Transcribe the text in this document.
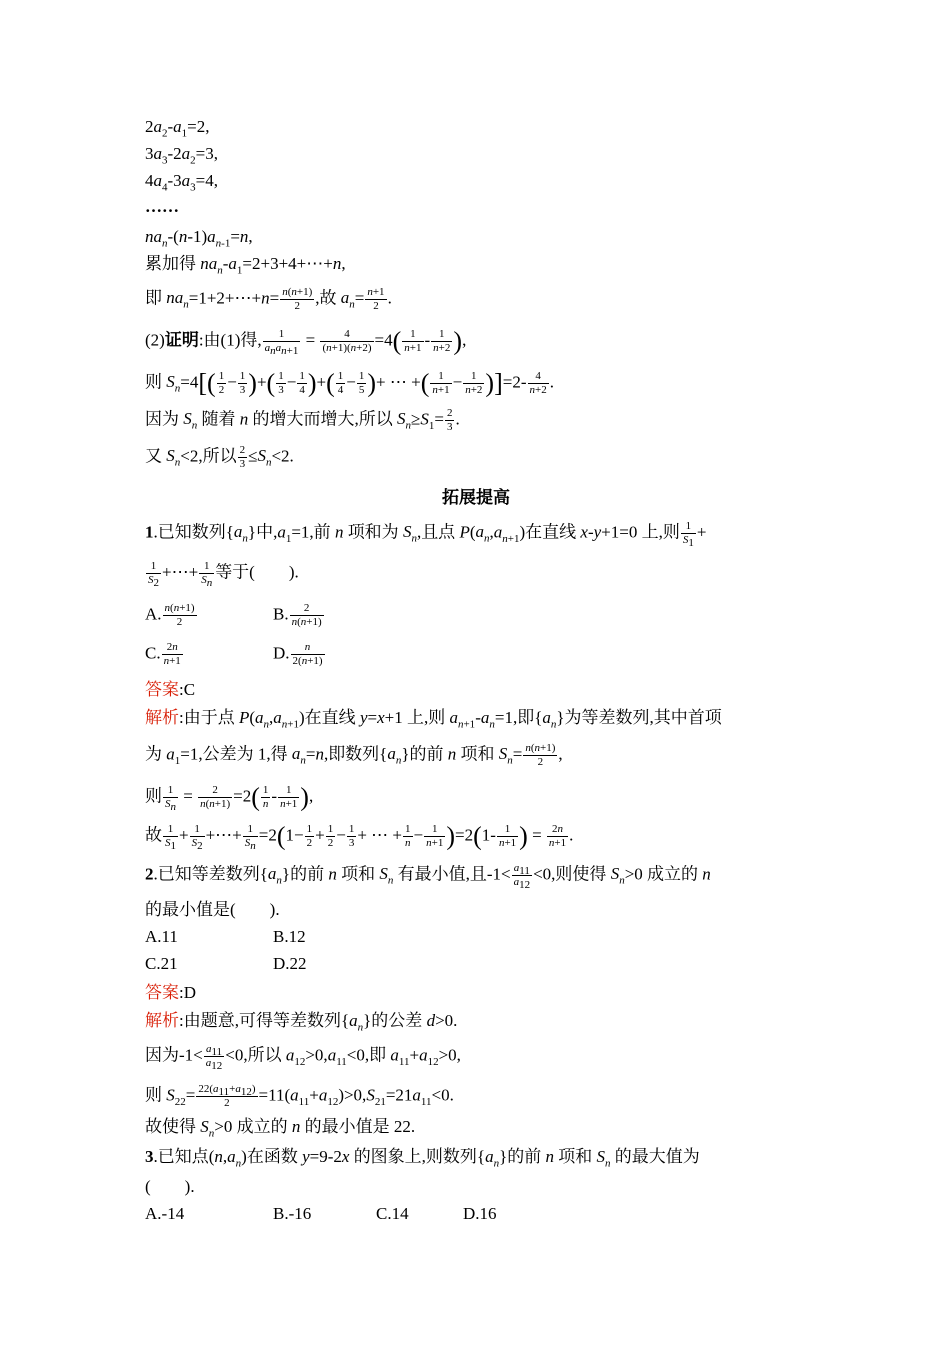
$2a_2-a_1=2$,
$3a_3-2a_2=3$,
$4a_4-3a_3=4$,
……
$na_n-(n-1)a_{n-1}=n$,
累加得 $na_n-a_1=2+3+4+\cdots+n$,
即 $na_n=1+2+\cdots+n= \frac{n(n+1)}{2}$ ,故 $a_n= \frac{n+1}{2}$ .
(2)证明:由(1)得,	1
$a_na_{n+1}$
= $\frac{4}{(n+1)(n+2)} =4( \frac{1}{n+1} - \frac{1}{n+2}$ ),
则 $S_n=4[( \frac{1}{2} - \frac{1}{3}$ )+( $\frac{1}{3} - \frac{1}{4}$ )+( $\frac{1}{4} - \frac{1}{5}$ )+ ⋯ +( $\frac{1}{n+1} - \frac{1}{n+2} )]=2- \frac{4}{n+2}$ .
因为 $S_n$ 随着 n 的增大而增大,所以 $S_n\ge S_1= \frac{2}{3}$ .
又 $S_n<2$,所以 $\frac{2}{3} \le S_n<2$.
拓展提高
1.已知数列$\{a_n\}$中$,a_1=1$,前 n 项和为 $S_n$,且点 $P(a_n,a_{n+1})$在直线 x-y+1=0 上,则 $\frac{1}{S_1}$ +
$\frac{1}{S_2}$ +⋯+ $\frac{1}{S_n}$ 等于(　　).
A. $\frac{n(n+1)}{2}$	B. $\frac{2}{n(n+1)}$
C. $\frac{2n}{n+1}$	D. $\frac{n}{2(n+1)}$
答案:C
解析:由于点 $P(a_n,a_{n+1})$在直线 y=x+1 上,则 $a_{n+1}-a_n=1$,即$\{a_n\}$为等差数列,其中首项
为 $a_1=1$,公差为 1,得 $a_n=n$,即数列$\{a_n\}$的前 n 项和 $S_n= \frac{n(n+1)}{2}$ ,
则 $\frac{1}{S_n} = \frac{2}{n(n+1)} =2( \frac{1}{n} - \frac{1}{n+1}$ ),
故 $\frac{1}{S_1} + \frac{1}{S_2}$ +⋯+ $\frac{1}{S_n} =2(1- \frac{1}{2} + \frac{1}{2} - \frac{1}{3}$ + ⋯ + $\frac{1}{n} - \frac{1}{n+1} )=2(1- \frac{1}{n+1}$ ) = $\frac{2n}{n+1}$ .
2.已知等差数列$\{a_n\}$的前 n 项和 $S_n$ 有最小值,且$-1< \frac{a_{11}}{a_{12}} <0$,则使得 $S_n>0$ 成立的 n
的最小值是(　　).
A.11	B.12
C.21	D.22
答案:D
解析:由题意,可得等差数列$\{a_n\}$的公差 d>0.
因为$-1< \frac{a_{11}}{a_{12}} <0$,所以 $a_{12}>0,a_{11}<0$,即 $a_{11}+a_{12}>0$,
则 $S_{22}= \frac{22(a_{11}+a_{12})}{2} =11(a_{11}+a_{12})>0,S_{21}=21a_{11}<0$.
故使得 $S_n>0$ 成立的 n 的最小值是 22.
3.已知点$(n,a_n)$在函数 y=9-2x 的图象上,则数列$\{a_n\}$的前 n 项和 $S_n$ 的最大值为
(　　).
A.-14	B.-16	C.14	D.16
